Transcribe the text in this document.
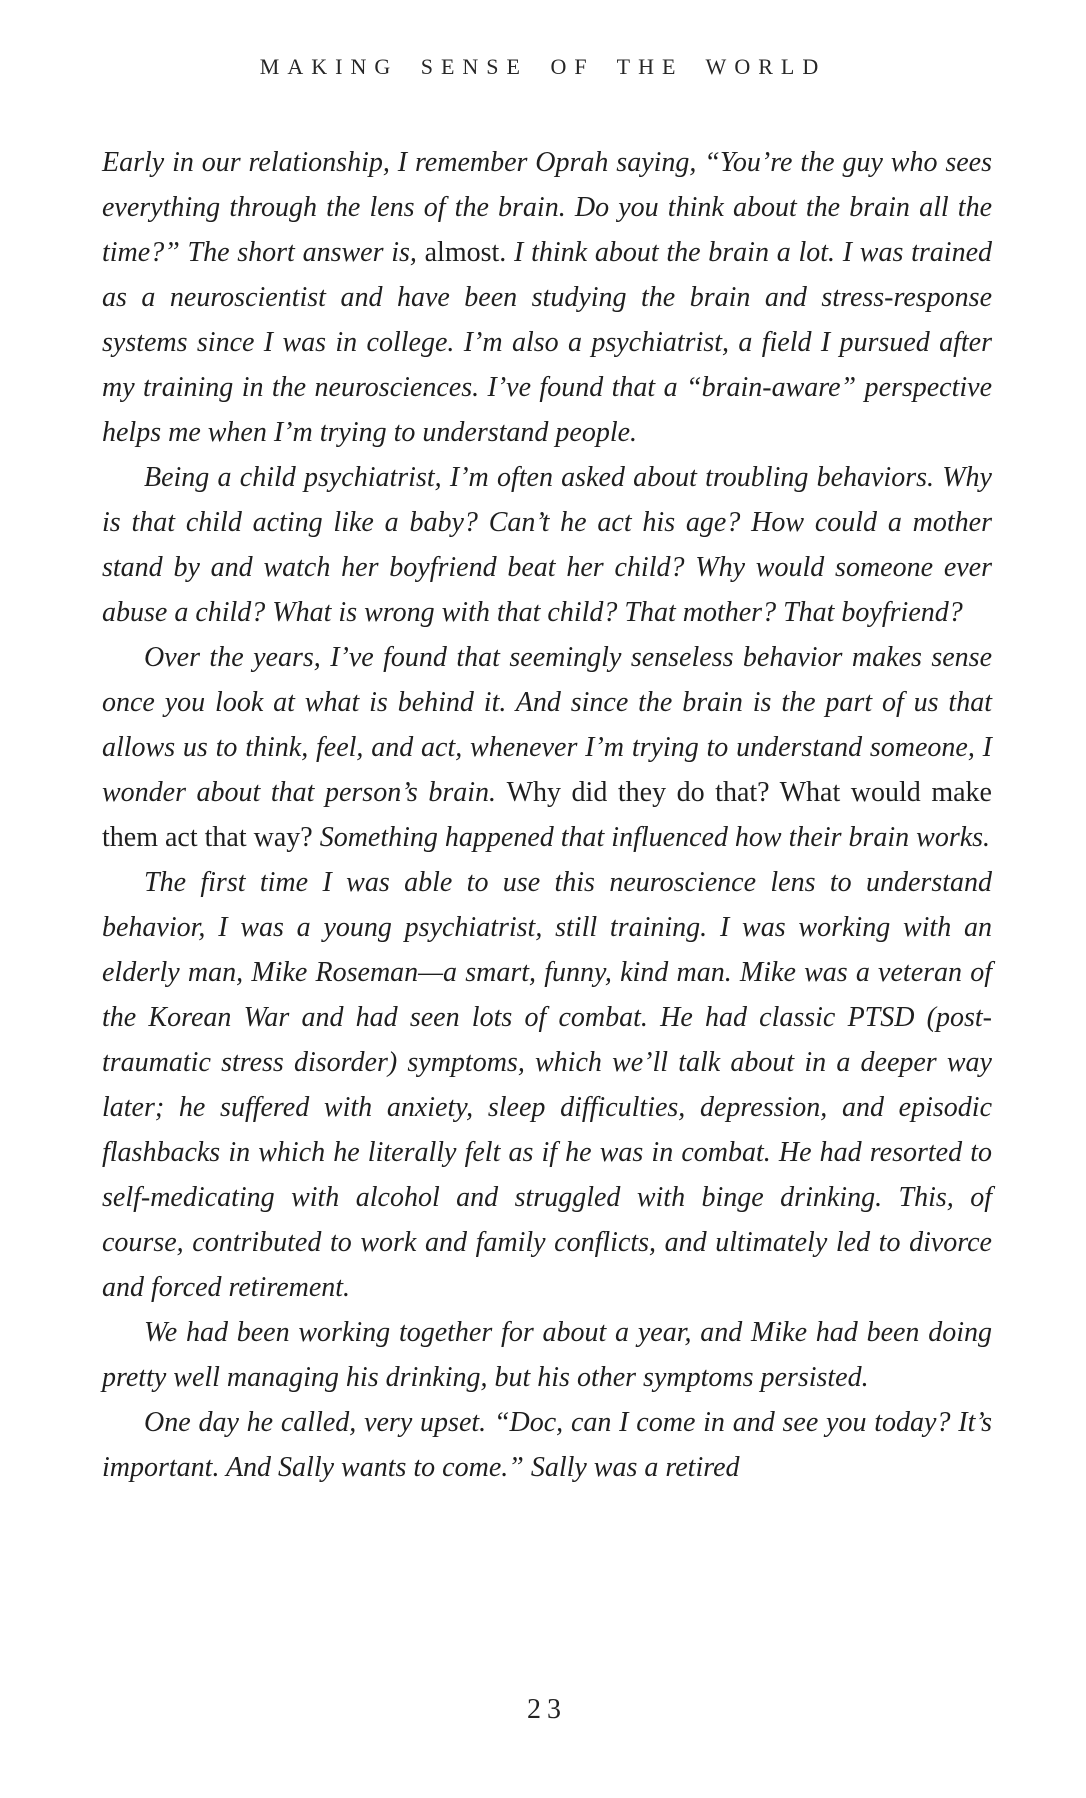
MAKING SENSE OF THE WORLD

Early in our relationship, I remember Oprah saying, “You’re the guy who sees everything through the lens of the brain. Do you think about the brain all the time?” The short answer is, almost. I think about the brain a lot. I was trained as a neuroscientist and have been studying the brain and stress-response systems since I was in college. I’m also a psychiatrist, a field I pursued after my training in the neurosciences. I’ve found that a “brain-aware” perspective helps me when I’m trying to understand people.

Being a child psychiatrist, I’m often asked about troubling behaviors. Why is that child acting like a baby? Can’t he act his age? How could a mother stand by and watch her boyfriend beat her child? Why would someone ever abuse a child? What is wrong with that child? That mother? That boyfriend?

Over the years, I’ve found that seemingly senseless behavior makes sense once you look at what is behind it. And since the brain is the part of us that allows us to think, feel, and act, whenever I’m trying to understand someone, I wonder about that person’s brain. Why did they do that? What would make them act that way? Something happened that influenced how their brain works.

The first time I was able to use this neuroscience lens to understand behavior, I was a young psychiatrist, still training. I was working with an elderly man, Mike Roseman—a smart, funny, kind man. Mike was a veteran of the Korean War and had seen lots of combat. He had classic PTSD (post-traumatic stress disorder) symptoms, which we’ll talk about in a deeper way later; he suffered with anxiety, sleep difficulties, depression, and episodic flashbacks in which he literally felt as if he was in combat. He had resorted to self-medicating with alcohol and struggled with binge drinking. This, of course, contributed to work and family conflicts, and ultimately led to divorce and forced retirement.

We had been working together for about a year, and Mike had been doing pretty well managing his drinking, but his other symptoms persisted.

One day he called, very upset. “Doc, can I come in and see you today? It’s important. And Sally wants to come.” Sally was a retired

23
